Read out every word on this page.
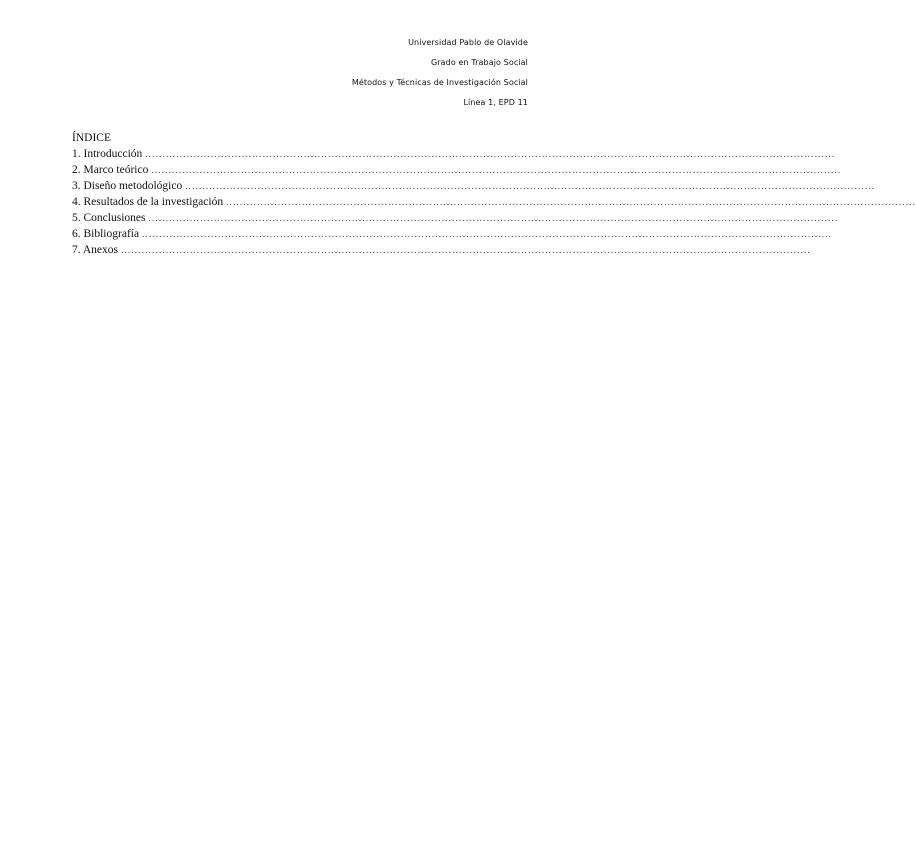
Universidad Pablo de Olavide
Grado en Trabajo Social
Métodos y Técnicas de Investigación Social
Línea 1, EPD 11
ÍNDICE
1. Introducción ........................................................................................................................................................................................................
2. Marco teórico ........................................................................................................................................................................................................
3. Diseño metodológico ........................................................................................................................................................................................................
4. Resultados de la investigación ........................................................................................................................................................................................................
5. Conclusiones ........................................................................................................................................................................................................
6. Bibliografía ........................................................................................................................................................................................................
7. Anexos ........................................................................................................................................................................................................
